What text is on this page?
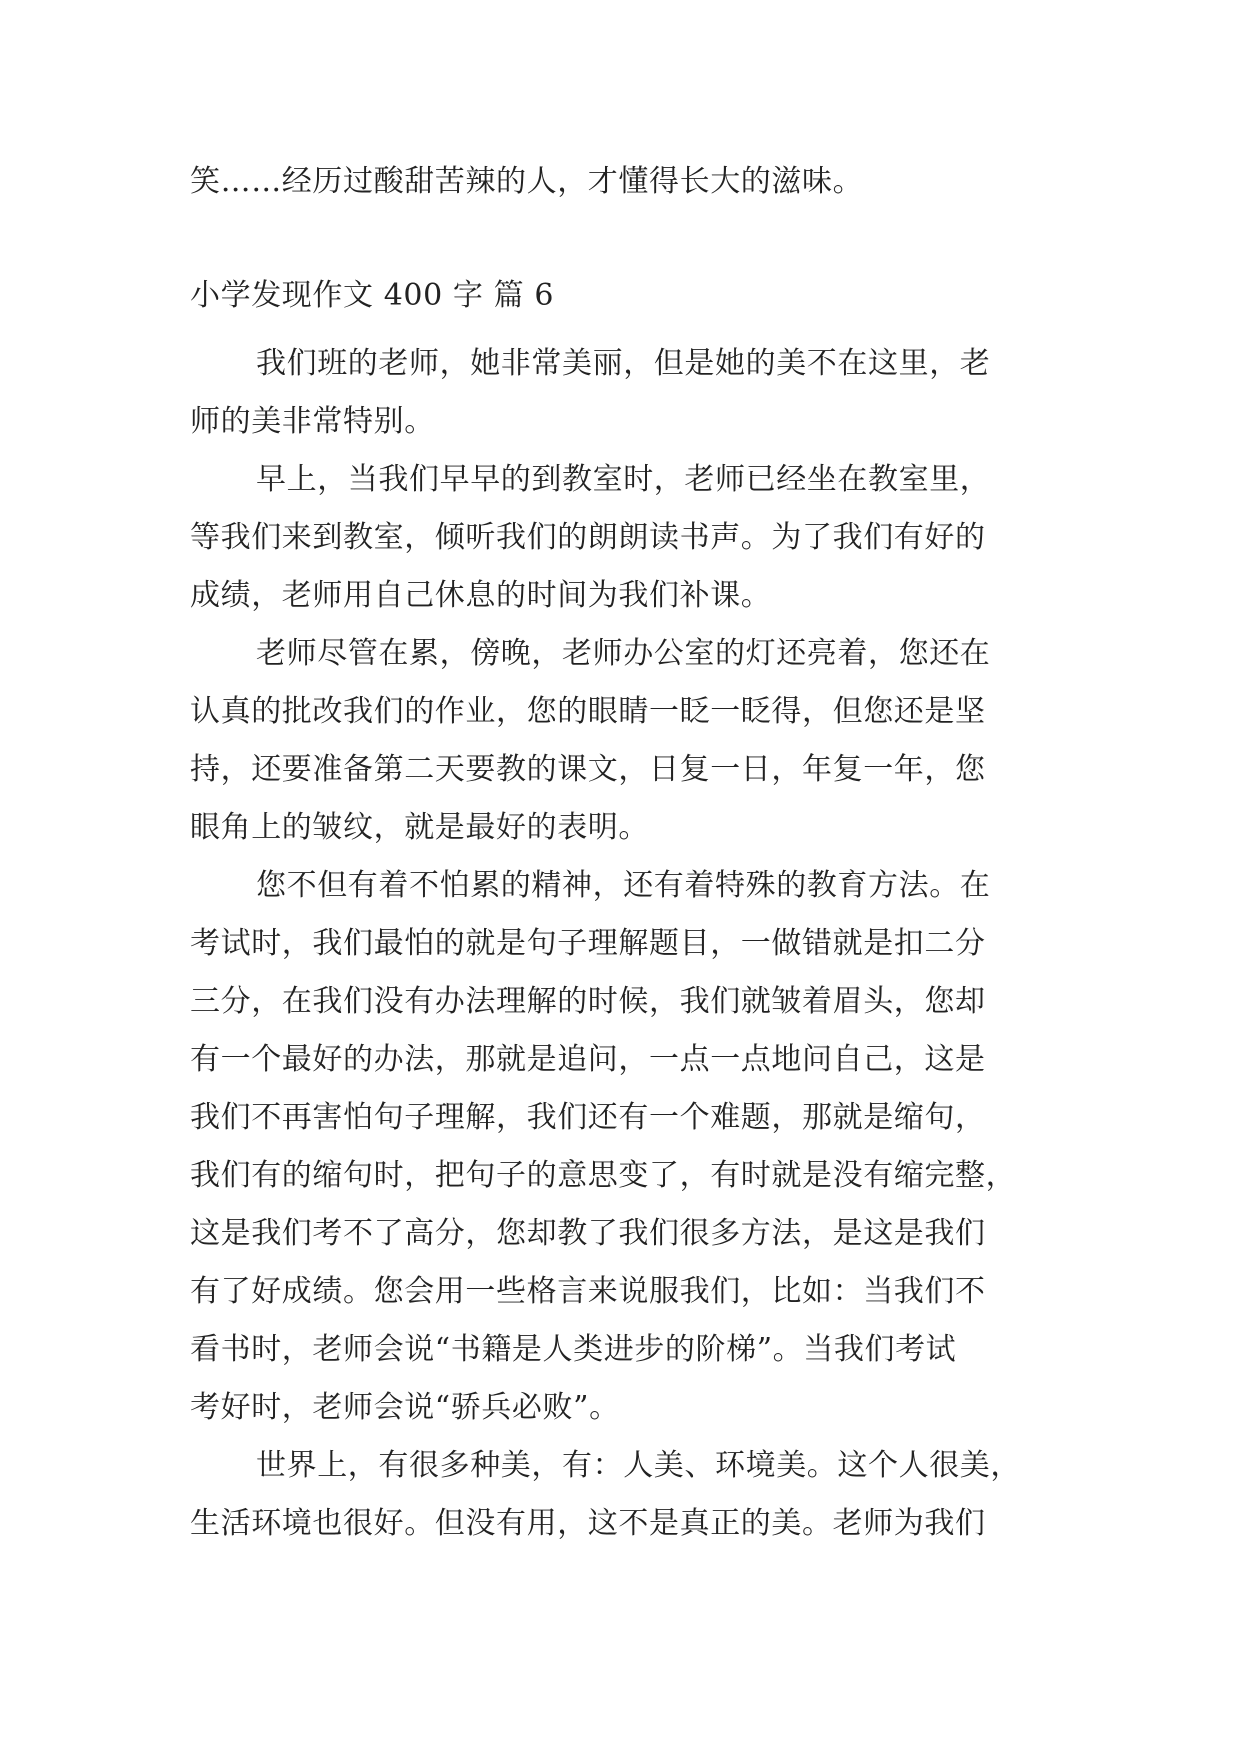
笑……经历过酸甜苦辣的人，才懂得长大的滋味。
小学发现作文 400 字 篇 6
我们班的老师，她非常美丽，但是她的美不在这里，老
师的美非常特别。
早上，当我们早早的到教室时，老师已经坐在教室里，
等我们来到教室，倾听我们的朗朗读书声。为了我们有好的
成绩，老师用自己休息的时间为我们补课。
老师尽管在累，傍晚，老师办公室的灯还亮着，您还在
认真的批改我们的作业，您的眼睛一眨一眨得，但您还是坚
持，还要准备第二天要教的课文，日复一日，年复一年，您
眼角上的皱纹，就是最好的表明。
您不但有着不怕累的精神，还有着特殊的教育方法。在
考试时，我们最怕的就是句子理解题目，一做错就是扣二分
三分，在我们没有办法理解的时候，我们就皱着眉头，您却
有一个最好的办法，那就是追问，一点一点地问自己，这是
我们不再害怕句子理解，我们还有一个难题，那就是缩句，
我们有的缩句时，把句子的意思变了，有时就是没有缩完整，
这是我们考不了高分，您却教了我们很多方法，是这是我们
有了好成绩。您会用一些格言来说服我们，比如：当我们不
看书时，老师会说“书籍是人类进步的阶梯”。当我们考试
考好时，老师会说“骄兵必败”。
世界上，有很多种美，有：人美、环境美。这个人很美，
生活环境也很好。但没有用，这不是真正的美。老师为我们
